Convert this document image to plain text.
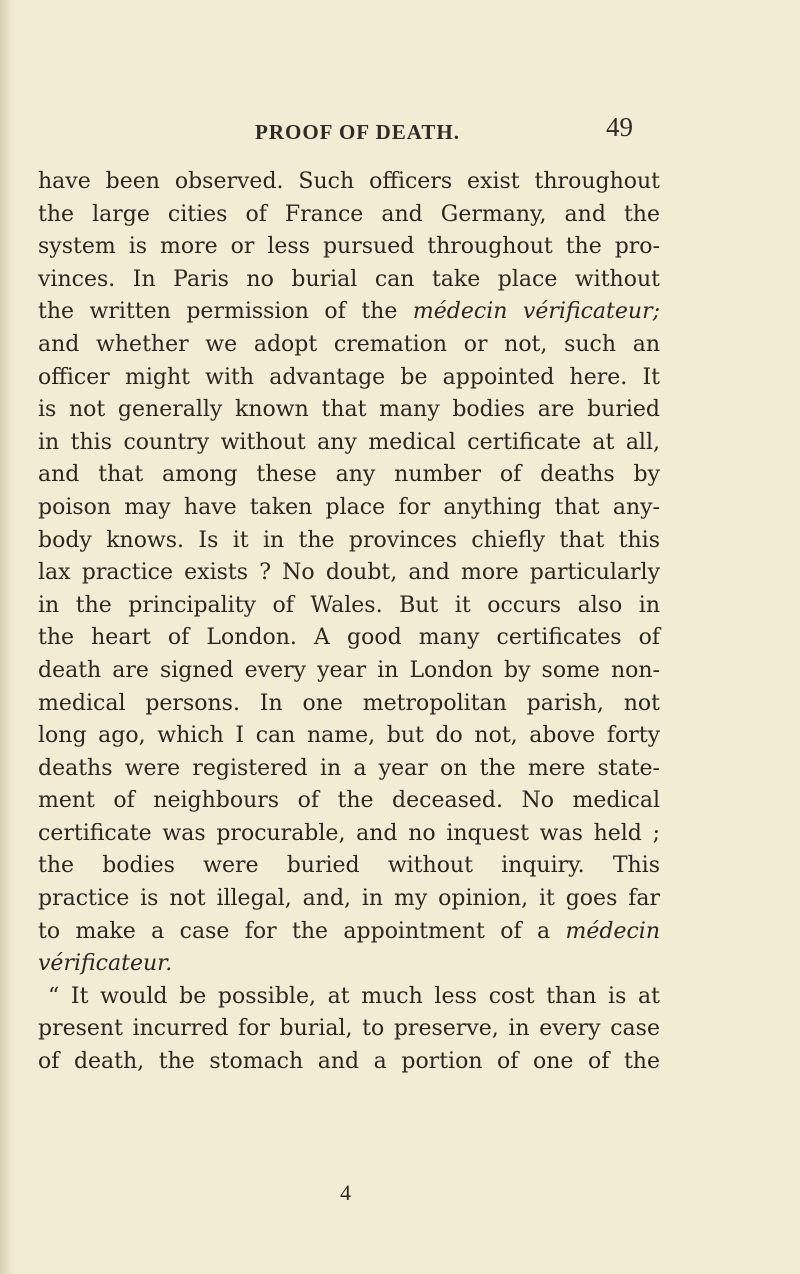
PROOF OF DEATH.	49
have been observed. Such officers exist throughout
the large cities of France and Germany, and the
system is more or less pursued throughout the pro-
vinces. In Paris no burial can take place without
the written permission of the médecin vérificateur;
and whether we adopt cremation or not, such an
officer might with advantage be appointed here. It
is not generally known that many bodies are buried
in this country without any medical certificate at all,
and that among these any number of deaths by
poison may have taken place for anything that any-
body knows. Is it in the provinces chiefly that this
lax practice exists ? No doubt, and more particularly
in the principality of Wales. But it occurs also in
the heart of London. A good many certificates of
death are signed every year in London by some non-
medical persons. In one metropolitan parish, not
long ago, which I can name, but do not, above forty
deaths were registered in a year on the mere state-
ment of neighbours of the deceased. No medical
certificate was procurable, and no inquest was held ;
the bodies were buried without inquiry. This
practice is not illegal, and, in my opinion, it goes far
to make a case for the appointment of a médecin
vérificateur.
“ It would be possible, at much less cost than is at
present incurred for burial, to preserve, in every case
of death, the stomach and a portion of one of the
4
